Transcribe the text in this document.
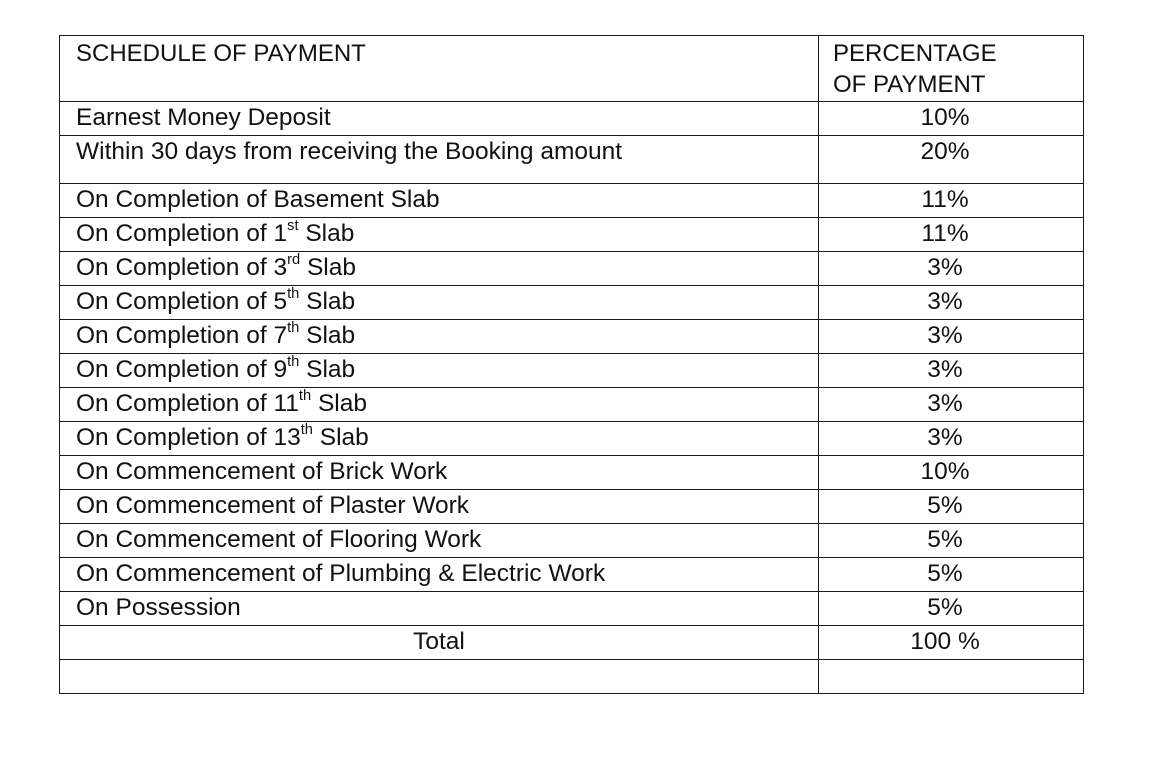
SCHEDULE OF PAYMENT	PERCENTAGE
OF PAYMENT
Earnest Money Deposit	10%
Within 30 days from receiving the Booking amount	20%
On Completion of Basement Slab	11%
On Completion of 1st Slab	11%
On Completion of 3rd Slab	3%
On Completion of 5th Slab	3%
On Completion of 7th Slab	3%
On Completion of 9th Slab	3%
On Completion of 11th Slab	3%
On Completion of 13th Slab	3%
On Commencement of Brick Work	10%
On Commencement of Plaster Work	5%
On Commencement of Flooring Work	5%
On Commencement of Plumbing & Electric Work	5%
On Possession	5%
Total	100 %
